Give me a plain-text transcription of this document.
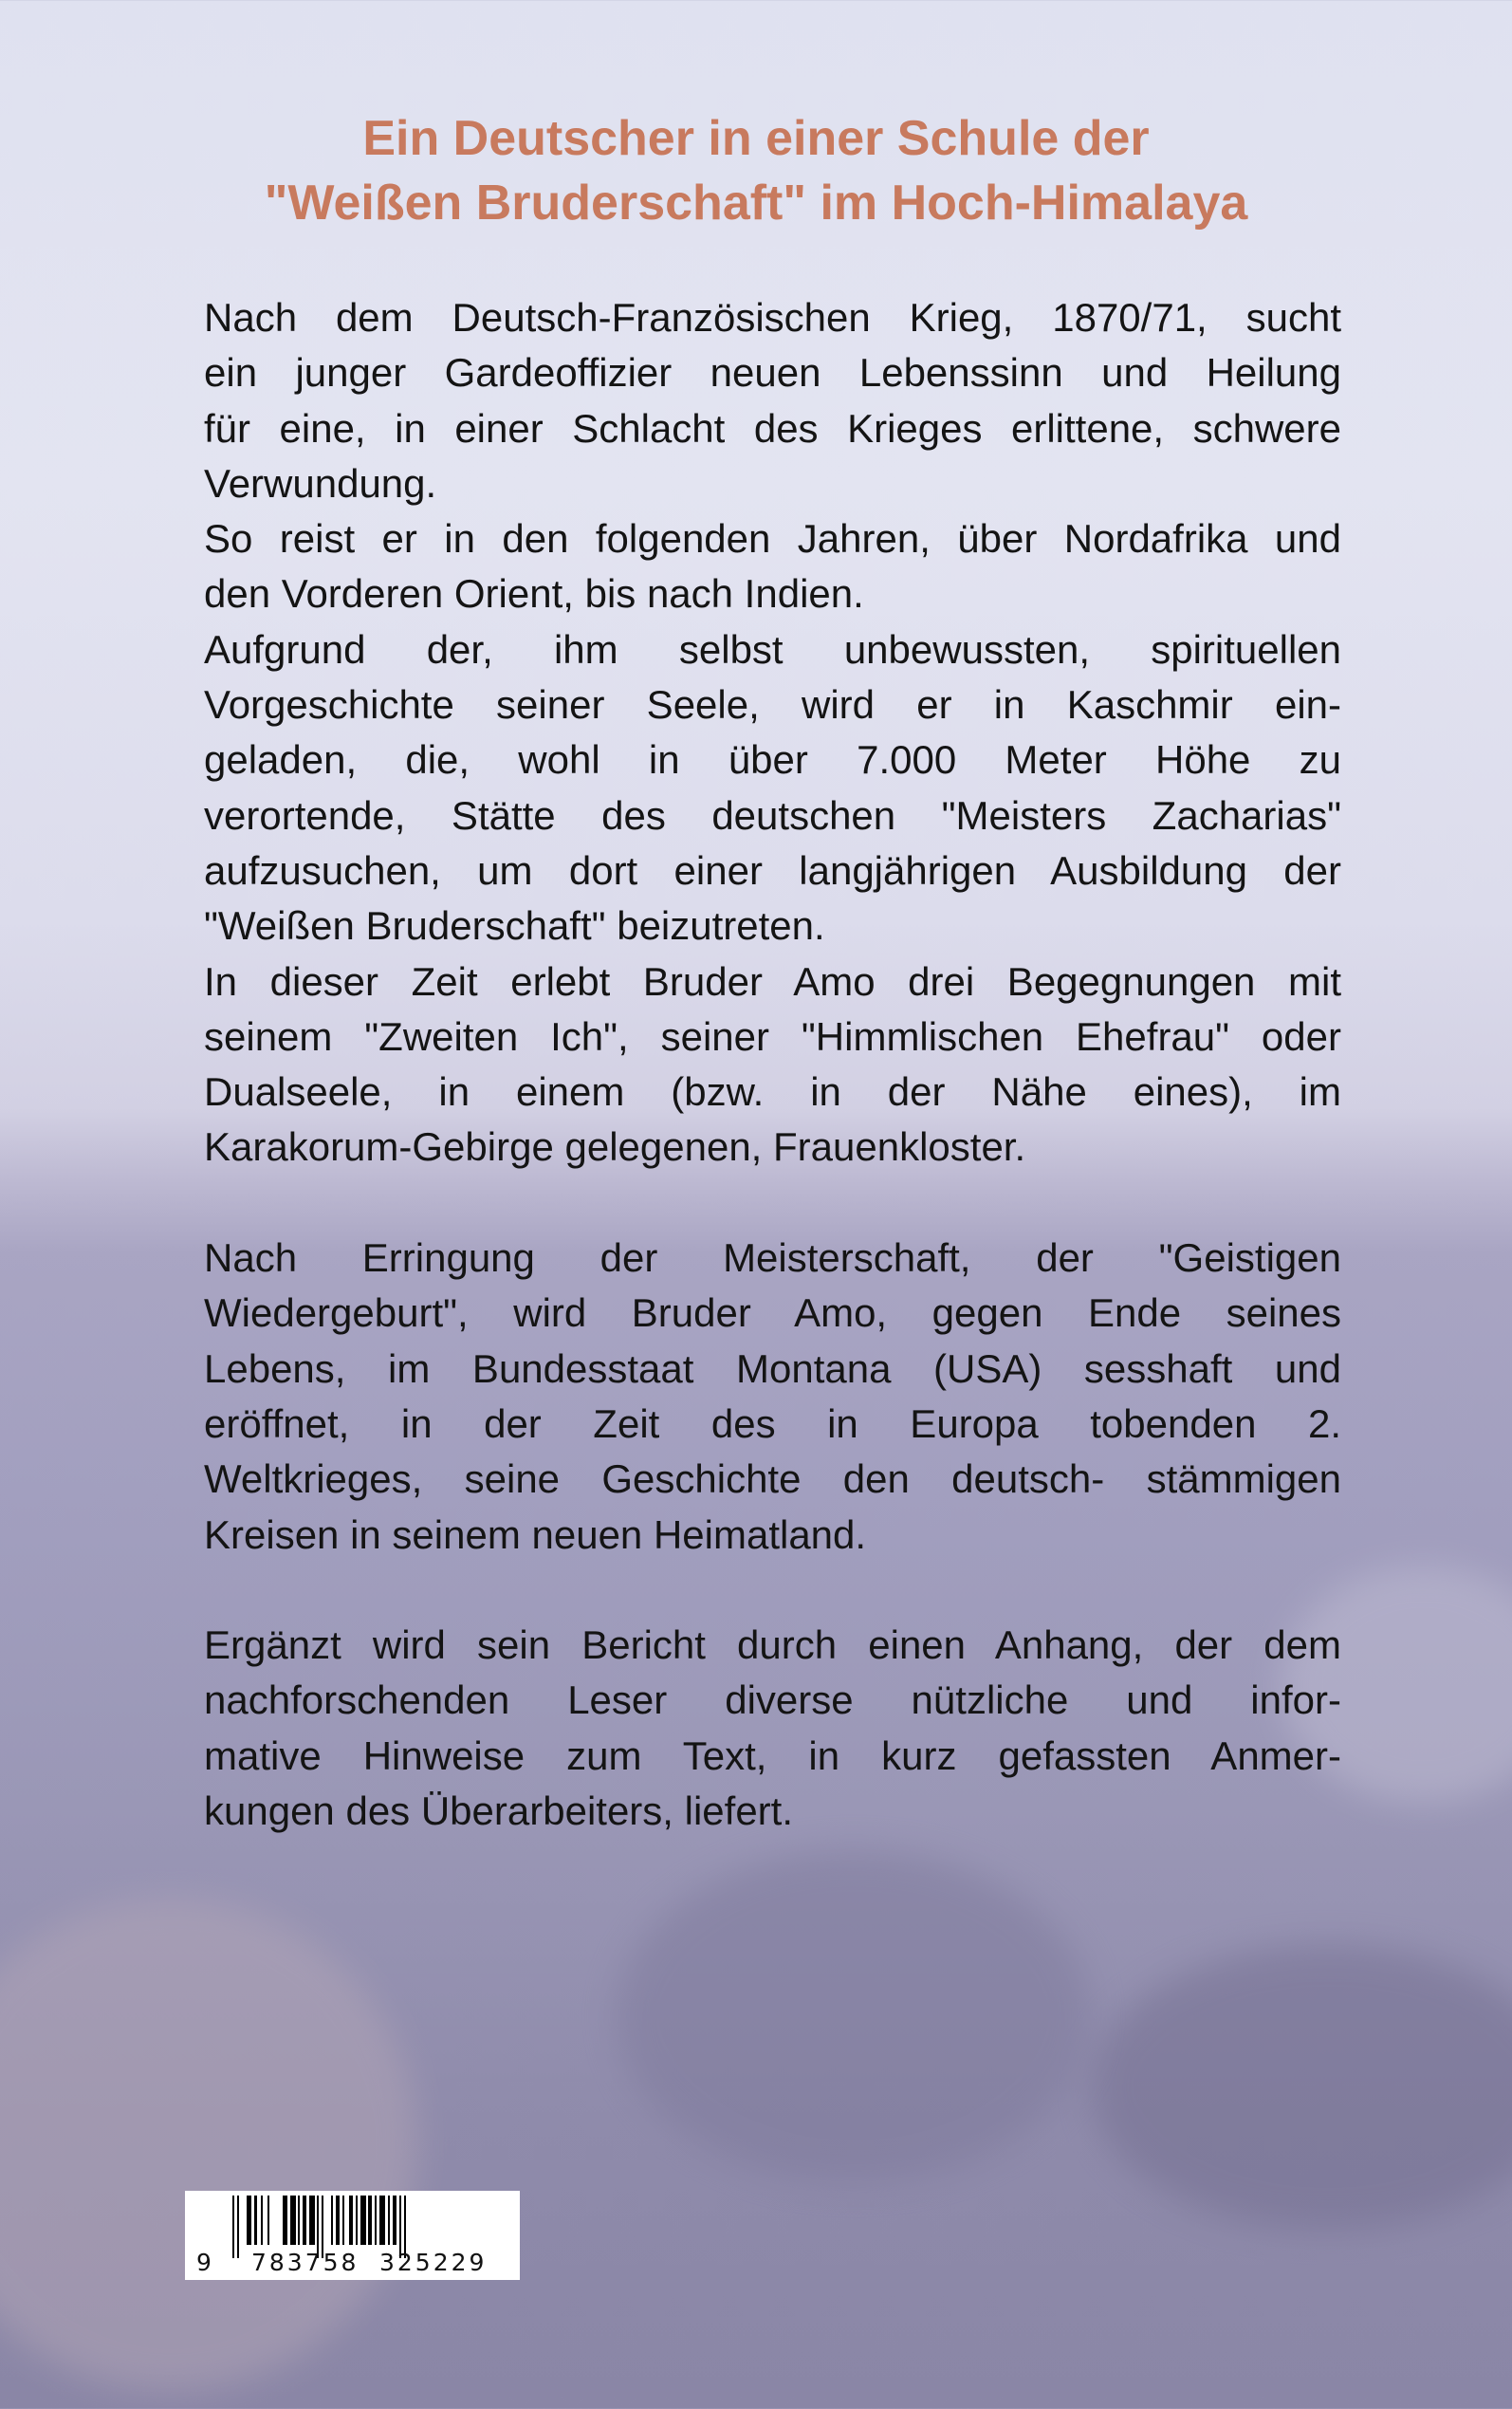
Ein Deutscher in einer Schule der
"Weißen Bruderschaft" im Hoch-Himalaya
Nach dem Deutsch-Französischen Krieg, 1870/71, sucht
ein junger Gardeoffizier neuen Lebenssinn und Heilung
für eine, in einer Schlacht des Krieges erlittene, schwere
Verwundung.
So reist er in den folgenden Jahren, über Nordafrika und
den Vorderen Orient, bis nach Indien.
Aufgrund der, ihm selbst unbewussten, spirituellen
Vorgeschichte seiner Seele, wird er in Kaschmir ein-
geladen, die, wohl in über 7.000 Meter Höhe zu
verortende, Stätte des deutschen "Meisters Zacharias"
aufzusuchen, um dort einer langjährigen Ausbildung der
"Weißen Bruderschaft" beizutreten.
In dieser Zeit erlebt Bruder Amo drei Begegnungen mit
seinem "Zweiten Ich", seiner "Himmlischen Ehefrau" oder
Dualseele, in einem (bzw. in der Nähe eines), im
Karakorum-Gebirge gelegenen, Frauenkloster.
Nach Erringung der Meisterschaft, der "Geistigen
Wiedergeburt", wird Bruder Amo, gegen Ende seines
Lebens, im Bundesstaat Montana (USA) sesshaft und
eröffnet, in der Zeit des in Europa tobenden 2.
Weltkrieges, seine Geschichte den deutsch- stämmigen
Kreisen in seinem neuen Heimatland.
Ergänzt wird sein Bericht durch einen Anhang, der dem
nachforschenden Leser diverse nützliche und infor-
mative Hinweise zum Text, in kurz gefassten Anmer-
kungen des Überarbeiters, liefert.
9 783758 325229
